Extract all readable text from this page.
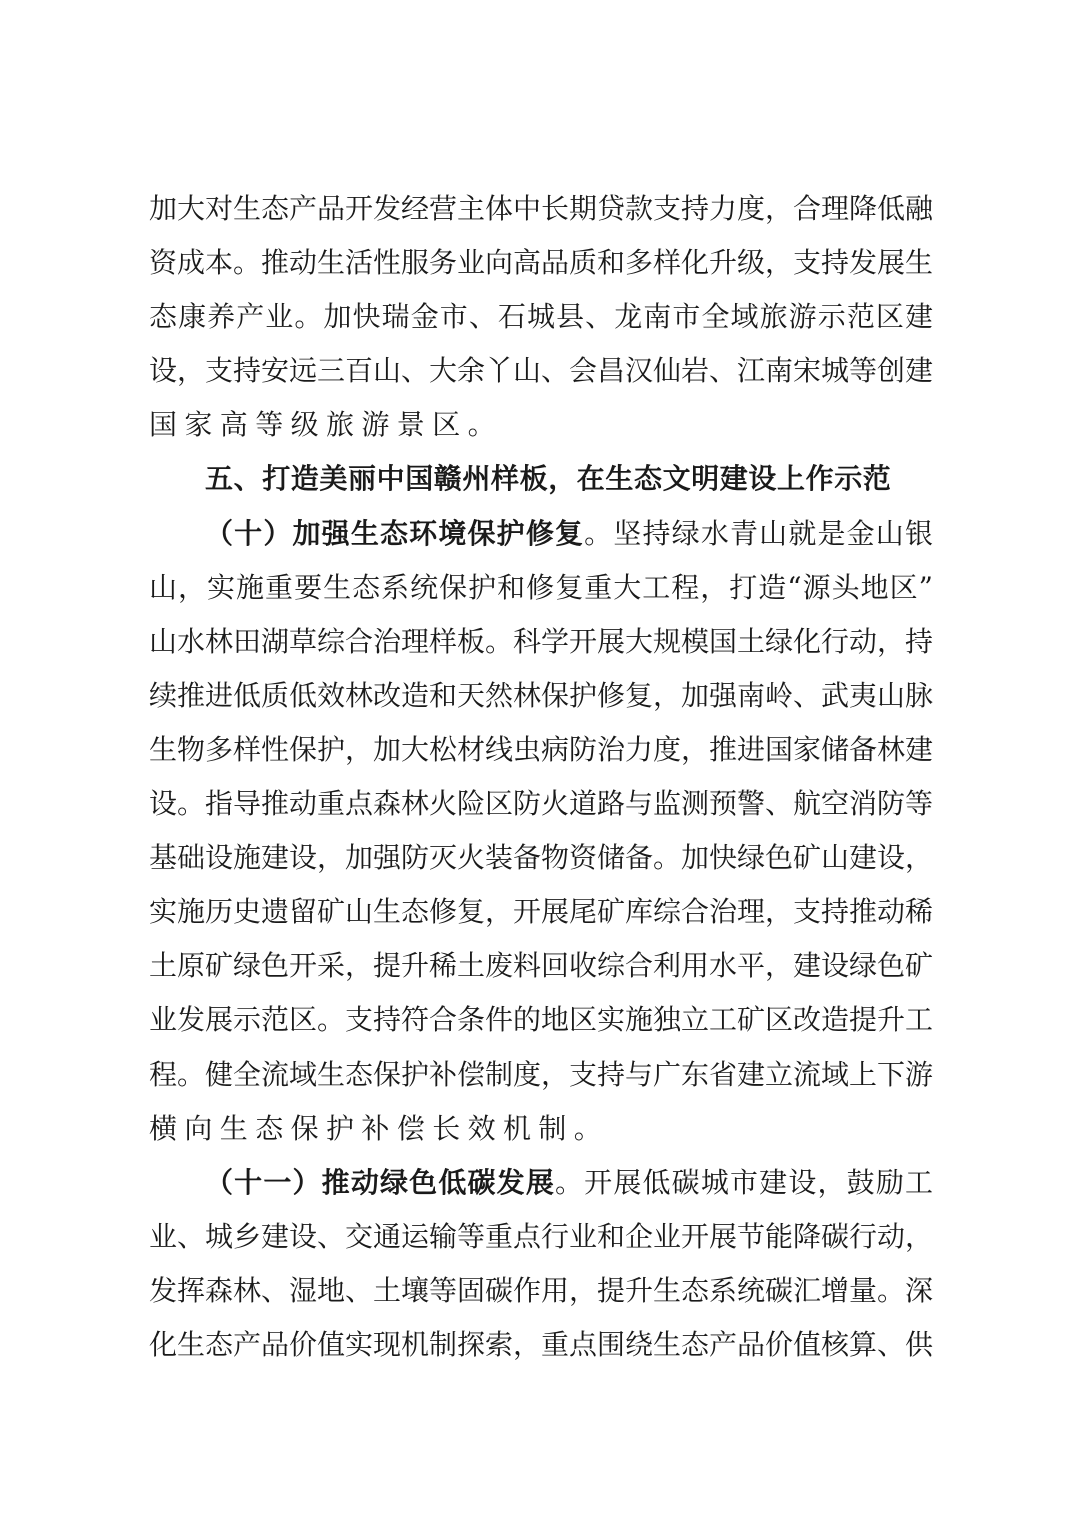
加大对生态产品开发经营主体中长期贷款支持力度，合理降低融
资成本。推动生活性服务业向高品质和多样化升级，支持发展生
态康养产业。加快瑞金市、石城县、龙南市全域旅游示范区建
设，支持安远三百山、大余丫山、会昌汉仙岩、江南宋城等创建
国家高等级旅游景区。
五、打造美丽中国赣州样板，在生态文明建设上作示范
（十）加强生态环境保护修复。坚持绿水青山就是金山银
山，实施重要生态系统保护和修复重大工程，打造“源头地区”
山水林田湖草综合治理样板。科学开展大规模国土绿化行动，持
续推进低质低效林改造和天然林保护修复，加强南岭、武夷山脉
生物多样性保护，加大松材线虫病防治力度，推进国家储备林建
设。指导推动重点森林火险区防火道路与监测预警、航空消防等
基础设施建设，加强防灭火装备物资储备。加快绿色矿山建设，
实施历史遗留矿山生态修复，开展尾矿库综合治理，支持推动稀
土原矿绿色开采，提升稀土废料回收综合利用水平，建设绿色矿
业发展示范区。支持符合条件的地区实施独立工矿区改造提升工
程。健全流域生态保护补偿制度，支持与广东省建立流域上下游
横向生态保护补偿长效机制。
（十一）推动绿色低碳发展。开展低碳城市建设，鼓励工
业、城乡建设、交通运输等重点行业和企业开展节能降碳行动，
发挥森林、湿地、土壤等固碳作用，提升生态系统碳汇增量。深
化生态产品价值实现机制探索，重点围绕生态产品价值核算、供
